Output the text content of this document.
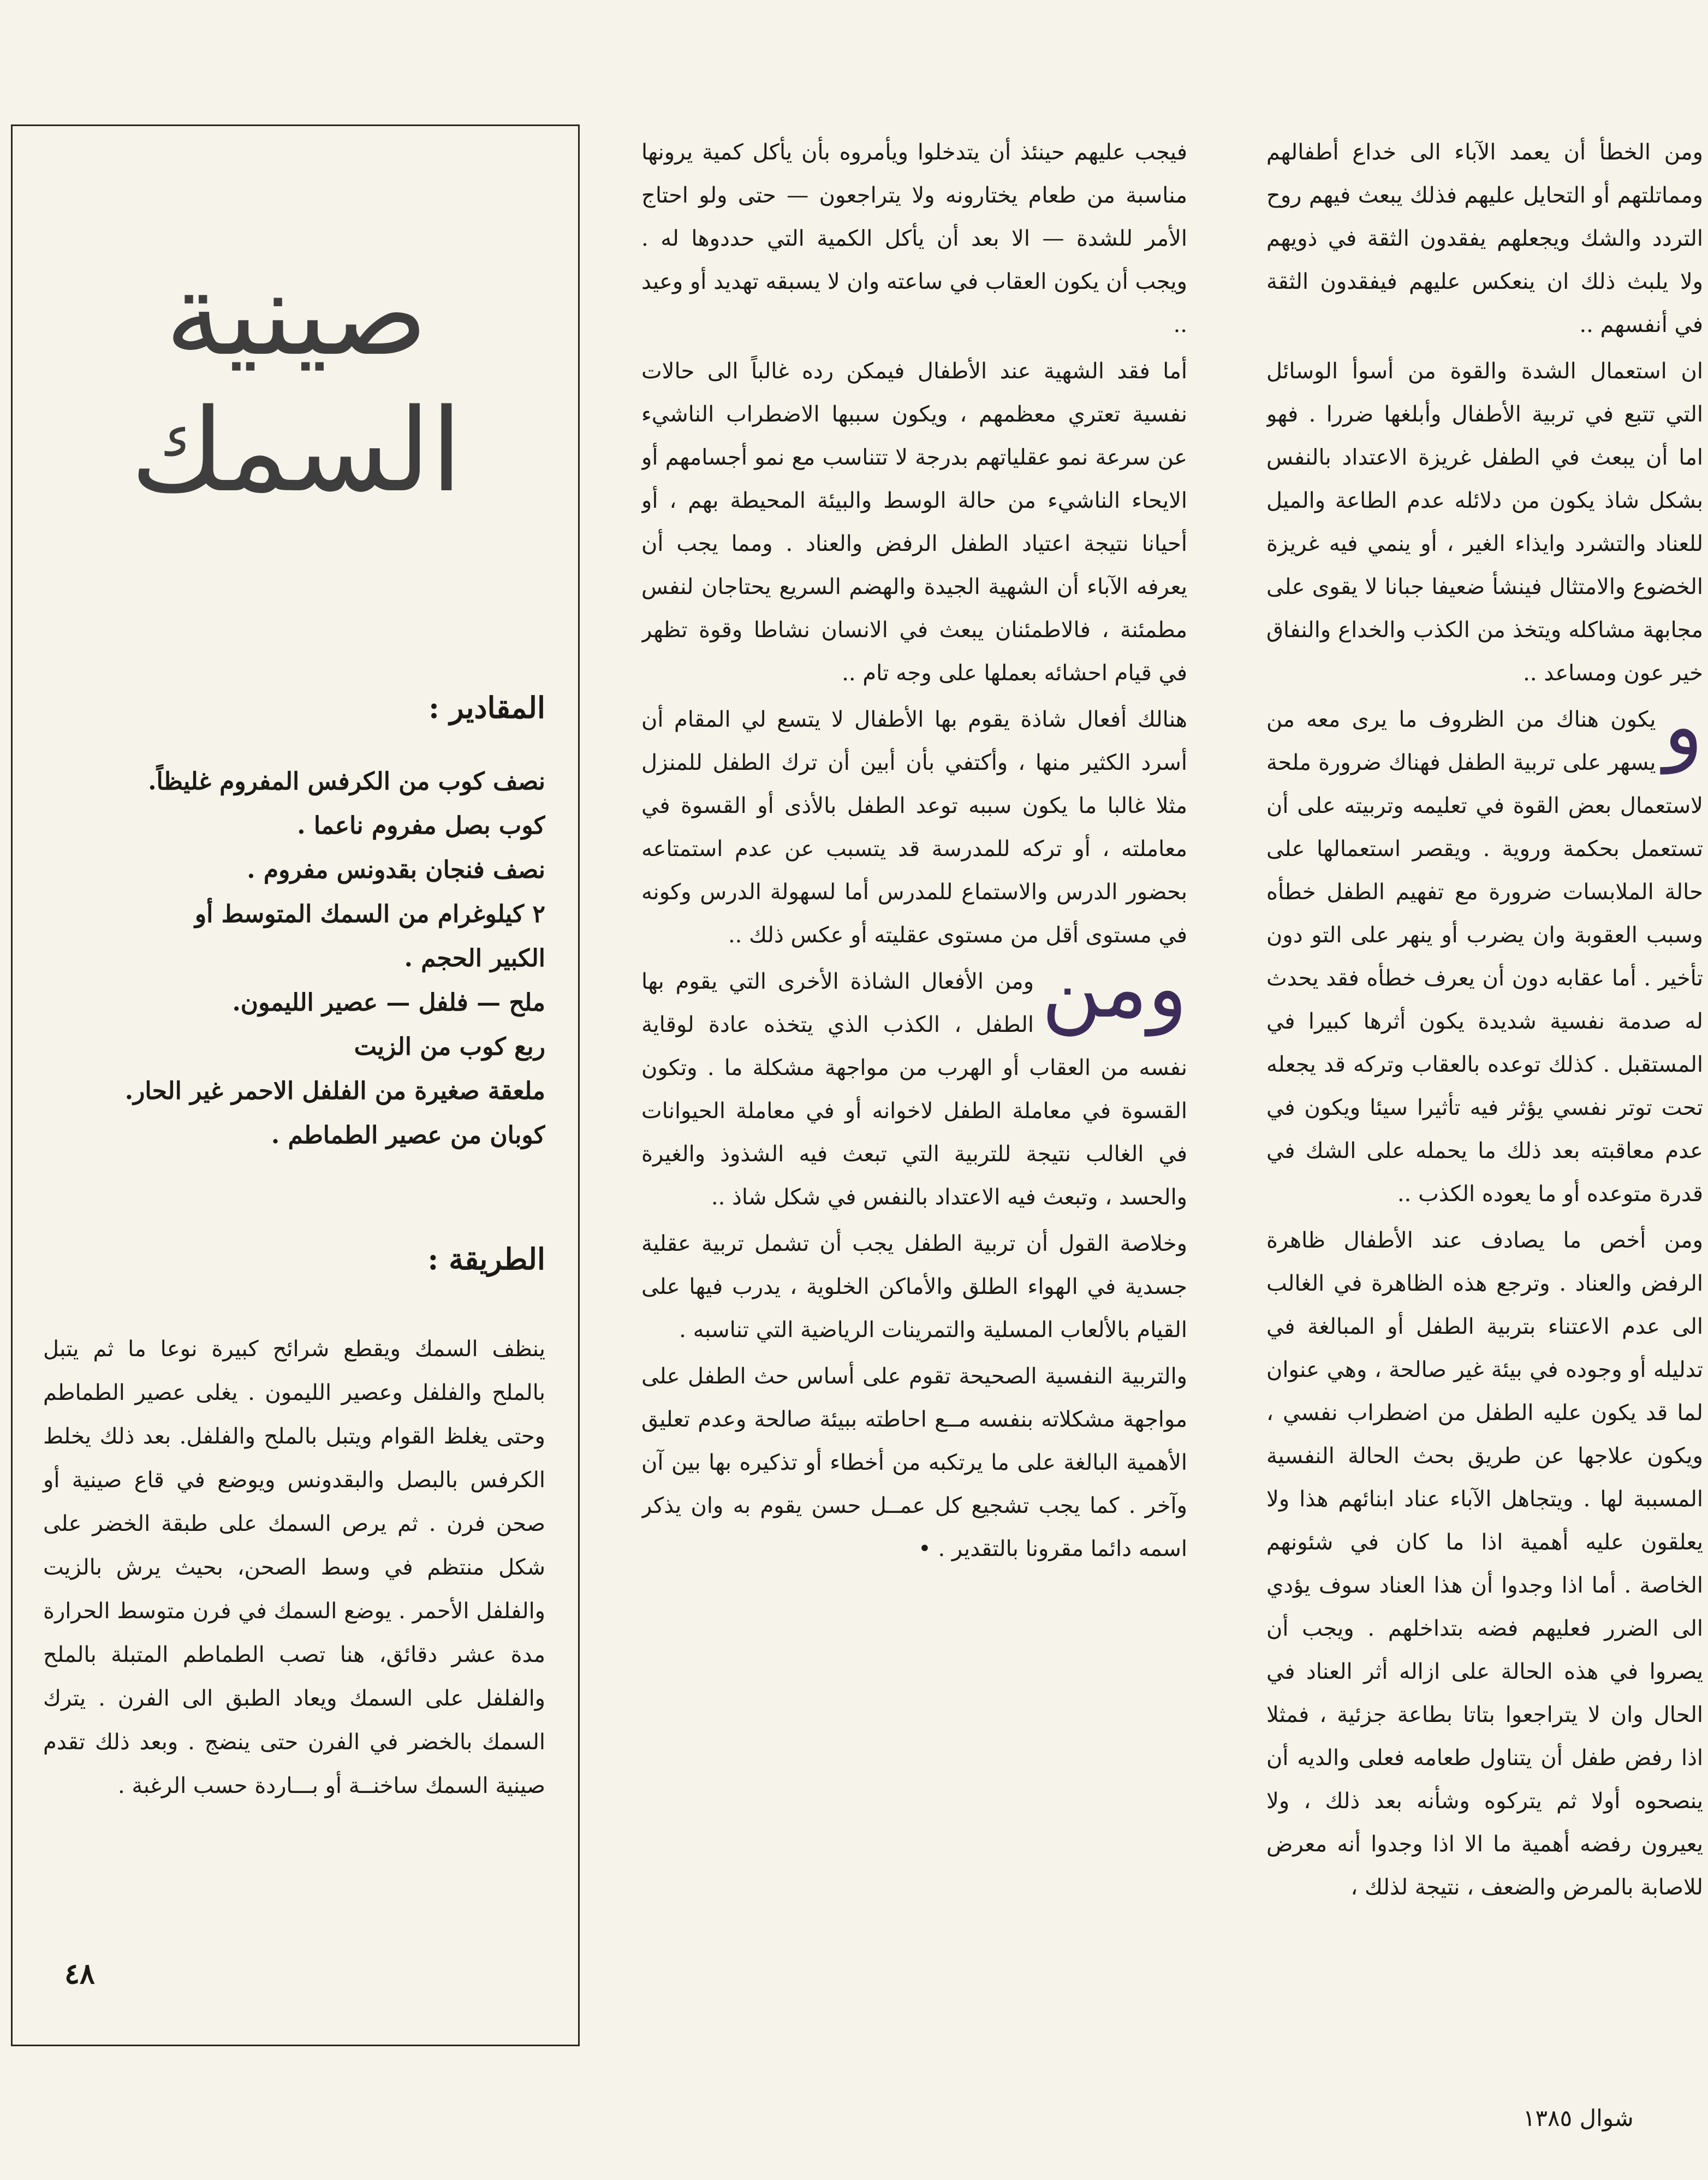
ومن الخطأ أن يعمد الآباء الى خداع أطفالهم ومماتلتهم أو التحايل عليهم فذلك يبعث فيهم روح التردد والشك ويجعلهم يفقدون الثقة في ذويهم ولا يلبث ذلك ان ينعكس عليهم فيفقدون الثقة في أنفسهم ..

ان استعمال الشدة والقوة من أسوأ الوسائل التي تتبع في تربية الأطفال وأبلغها ضررا . فهو اما أن يبعث في الطفل غريزة الاعتداد بالنفس بشكل شاذ يكون من دلائله عدم الطاعة والميل للعناد والتشرد وايذاء الغير ، أو ينمي فيه غريزة الخضوع والامتثال فينشأ ضعيفا جبانا لا يقوى على مجابهة مشاكله ويتخذ من الكذب والخداع والنفاق خير عون ومساعد ..

و
يكون هناك من الظروف ما يرى معه من يسهر على تربية الطفل فهناك ضرورة ملحة لاستعمال بعض القوة في تعليمه وتربيته على أن تستعمل بحكمة وروية . ويقصر استعمالها على حالة الملابسات ضرورة مع تفهيم الطفل خطأه وسبب العقوبة وان يضرب أو ينهر على التو دون تأخير . أما عقابه دون أن يعرف خطأه فقد يحدث له صدمة نفسية شديدة يكون أثرها كبيرا في المستقبل . كذلك توعده بالعقاب وتركه قد يجعله تحت توتر نفسي يؤثر فيه تأثيرا سيئا ويكون في عدم معاقبته بعد ذلك ما يحمله على الشك في قدرة متوعده أو ما يعوده الكذب ..

ومن أخص ما يصادف عند الأطفال ظاهرة الرفض والعناد . وترجع هذه الظاهرة في الغالب الى عدم الاعتناء بتربية الطفل أو المبالغة في تدليله أو وجوده في بيئة غير صالحة ، وهي عنوان لما قد يكون عليه الطفل من اضطراب نفسي ، ويكون علاجها عن طريق بحث الحالة النفسية المسببة لها . ويتجاهل الآباء عناد ابنائهم هذا ولا يعلقون عليه أهمية اذا ما كان في شئونهم الخاصة . أما اذا وجدوا أن هذا العناد سوف يؤدي الى الضرر فعليهم فضه بتداخلهم . ويجب أن يصروا في هذه الحالة على ازاله أثر العناد في الحال وان لا يتراجعوا بتاتا بطاعة جزئية ، فمثلا اذا رفض طفل أن يتناول طعامه فعلى والديه أن ينصحوه أولا ثم يتركوه وشأنه بعد ذلك ، ولا يعيرون رفضه أهمية ما الا اذا وجدوا أنه معرض للاصابة بالمرض والضعف ، نتيجة لذلك ،

فيجب عليهم حينئذ أن يتدخلوا ويأمروه بأن يأكل كمية يرونها مناسبة من طعام يختارونه ولا يتراجعون — حتى ولو احتاج الأمر للشدة — الا بعد أن يأكل الكمية التي حددوها له . ويجب أن يكون العقاب في ساعته وان لا يسبقه تهديد أو وعيد ..

أما فقد الشهية عند الأطفال فيمكن رده غالباً الى حالات نفسية تعتري معظمهم ، ويكون سببها الاضطراب الناشيء عن سرعة نمو عقلياتهم بدرجة لا تتناسب مع نمو أجسامهم أو الايحاء الناشيء من حالة الوسط والبيئة المحيطة بهم ، أو أحيانا نتيجة اعتياد الطفل الرفض والعناد . ومما يجب أن يعرفه الآباء أن الشهية الجيدة والهضم السريع يحتاجان لنفس مطمئنة ، فالاطمئنان يبعث في الانسان نشاطا وقوة تظهر في قيام احشائه بعملها على وجه تام ..

هنالك أفعال شاذة يقوم بها الأطفال لا يتسع لي المقام أن أسرد الكثير منها ، وأكتفي بأن أبين أن ترك الطفل للمنزل مثلا غالبا ما يكون سببه توعد الطفل بالأذى أو القسوة في معاملته ، أو تركه للمدرسة قد يتسبب عن عدم استمتاعه بحضور الدرس والاستماع للمدرس أما لسهولة الدرس وكونه في مستوى أقل من مستوى عقليته أو عكس ذلك ..

ومن
ومن الأفعال الشاذة الأخرى التي يقوم بها الطفل ، الكذب الذي يتخذه عادة لوقاية نفسه من العقاب أو الهرب من مواجهة مشكلة ما . وتكون القسوة في معاملة الطفل لاخوانه أو في معاملة الحيوانات في الغالب نتيجة للتربية التي تبعث فيه الشذوذ والغيرة والحسد ، وتبعث فيه الاعتداد بالنفس في شكل شاذ ..

وخلاصة القول أن تربية الطفل يجب أن تشمل تربية عقلية جسدية في الهواء الطلق والأماكن الخلوية ، يدرب فيها على القيام بالألعاب المسلية والتمرينات الرياضية التي تناسبه .

والتربية النفسية الصحيحة تقوم على أساس حث الطفل على مواجهة مشكلاته بنفسه مــع احاطته ببيئة صالحة وعدم تعليق الأهمية البالغة على ما يرتكبه من أخطاء أو تذكيره بها بين آن وآخر . كما يجب تشجيع كل عمــل حسن يقوم به وان يذكر اسمه دائما مقرونا بالتقدير . •

صينية
السمك
المقادير :
نصف كوب من الكرفس المفروم غليظاً.
كوب بصل مفروم ناعما .
نصف فنجان بقدونس مفروم .
٢ كيلوغرام من السمك المتوسط أو
الكبير الحجم .
ملح — فلفل — عصير الليمون.
ربع كوب من الزيت
ملعقة صغيرة من الفلفل الاحمر غير الحار.
كوبان من عصير الطماطم .
الطريقة :
ينظف السمك ويقطع شرائح كبيرة نوعا ما ثم يتبل بالملح والفلفل وعصير الليمون . يغلى عصير الطماطم وحتى يغلظ القوام ويتبل بالملح والفلفل. بعد ذلك يخلط الكرفس بالبصل والبقدونس ويوضع في قاع صينية أو صحن فرن . ثم يرص السمك على طبقة الخضر على شكل منتظم في وسط الصحن، بحيث يرش بالزيت والفلفل الأحمر . يوضع السمك في فرن متوسط الحرارة مدة عشر دقائق، هنا تصب الطماطم المتبلة بالملح والفلفل على السمك ويعاد الطبق الى الفرن . يترك السمك بالخضر في الفرن حتى ينضج . وبعد ذلك تقدم صينية السمك ساخنــة أو بـــاردة حسب الرغبة .
٤٨
شوال ١٣٨٥
